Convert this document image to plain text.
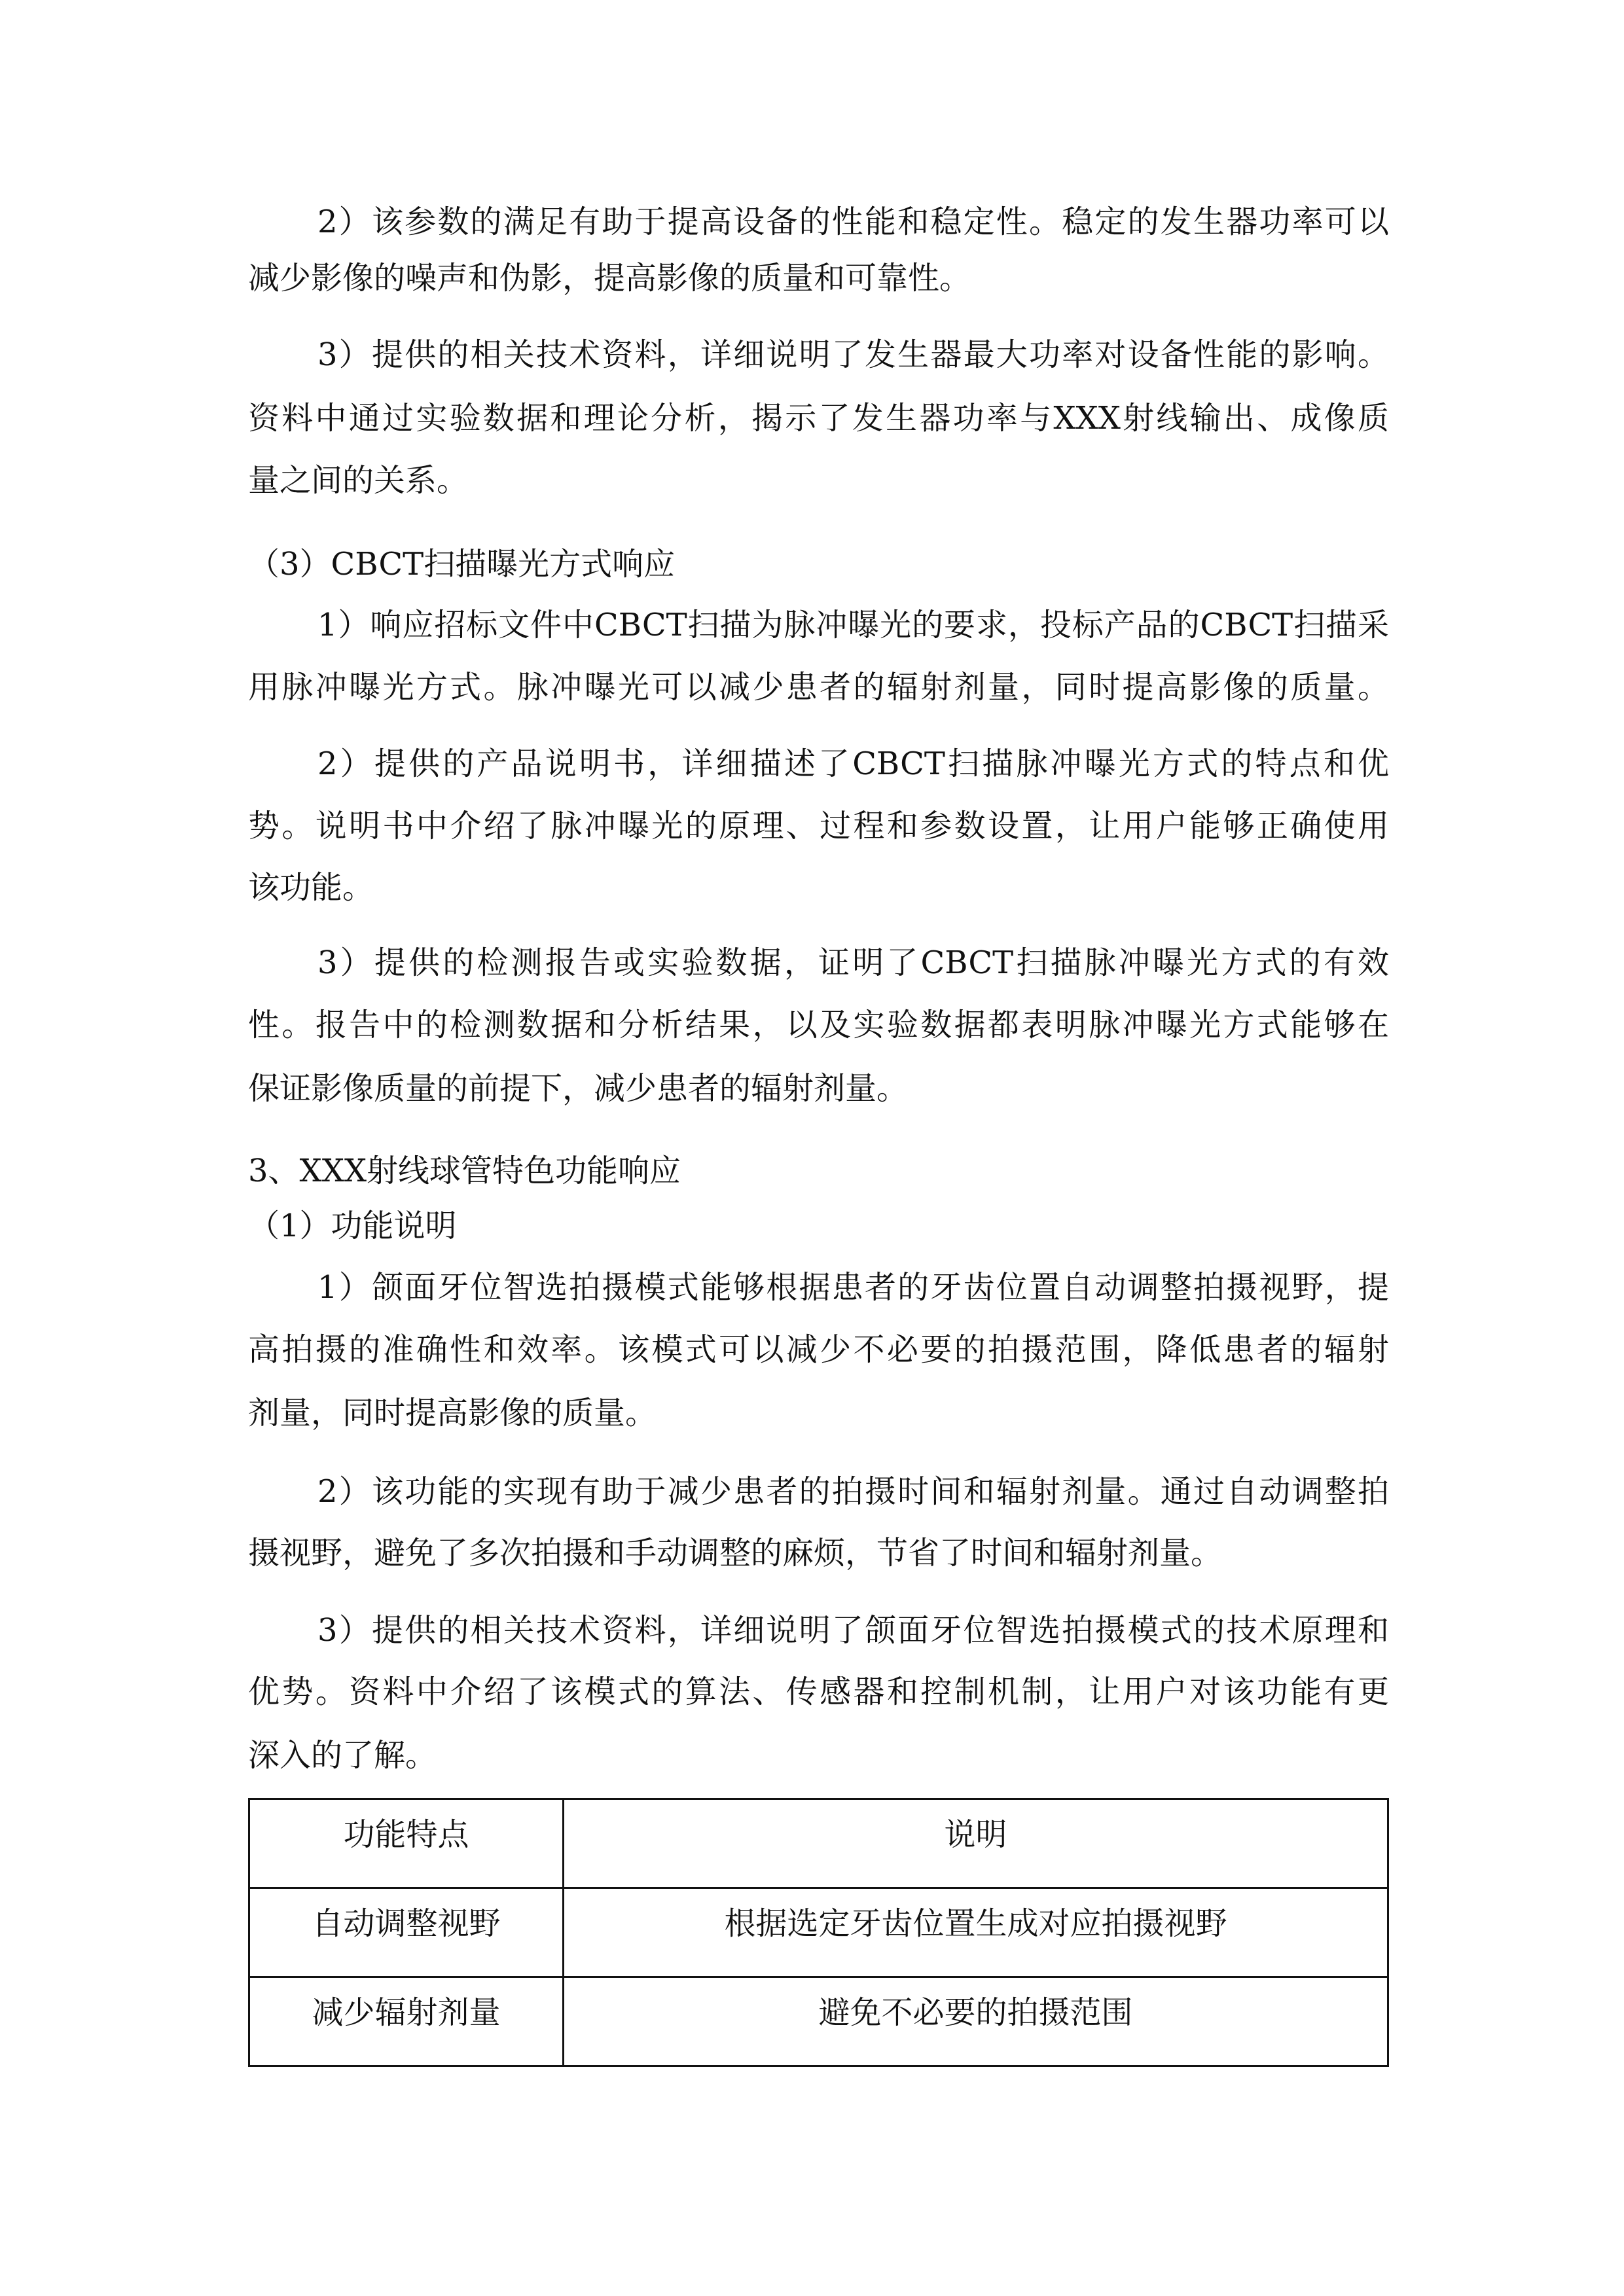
2）该参数的满足有助于提高设备的性能和稳定性。稳定的发生器功率可以
减少影像的噪声和伪影，提高影像的质量和可靠性。
3）提供的相关技术资料，详细说明了发生器最大功率对设备性能的影响。
资料中通过实验数据和理论分析，揭示了发生器功率与XXX射线输出、成像质
量之间的关系。
（3）CBCT扫描曝光方式响应
1）响应招标文件中CBCT扫描为脉冲曝光的要求，投标产品的CBCT扫描采
用脉冲曝光方式。脉冲曝光可以减少患者的辐射剂量，同时提高影像的质量。
2）提供的产品说明书，详细描述了CBCT扫描脉冲曝光方式的特点和优
势。说明书中介绍了脉冲曝光的原理、过程和参数设置，让用户能够正确使用
该功能。
3）提供的检测报告或实验数据，证明了CBCT扫描脉冲曝光方式的有效
性。报告中的检测数据和分析结果，以及实验数据都表明脉冲曝光方式能够在
保证影像质量的前提下，减少患者的辐射剂量。
3、XXX射线球管特色功能响应
（1）功能说明
1）颌面牙位智选拍摄模式能够根据患者的牙齿位置自动调整拍摄视野，提
高拍摄的准确性和效率。该模式可以减少不必要的拍摄范围，降低患者的辐射
剂量，同时提高影像的质量。
2）该功能的实现有助于减少患者的拍摄时间和辐射剂量。通过自动调整拍
摄视野，避免了多次拍摄和手动调整的麻烦，节省了时间和辐射剂量。
3）提供的相关技术资料，详细说明了颌面牙位智选拍摄模式的技术原理和
优势。资料中介绍了该模式的算法、传感器和控制机制，让用户对该功能有更
深入的了解。
功能特点	说明
自动调整视野	根据选定牙齿位置生成对应拍摄视野
减少辐射剂量	避免不必要的拍摄范围
